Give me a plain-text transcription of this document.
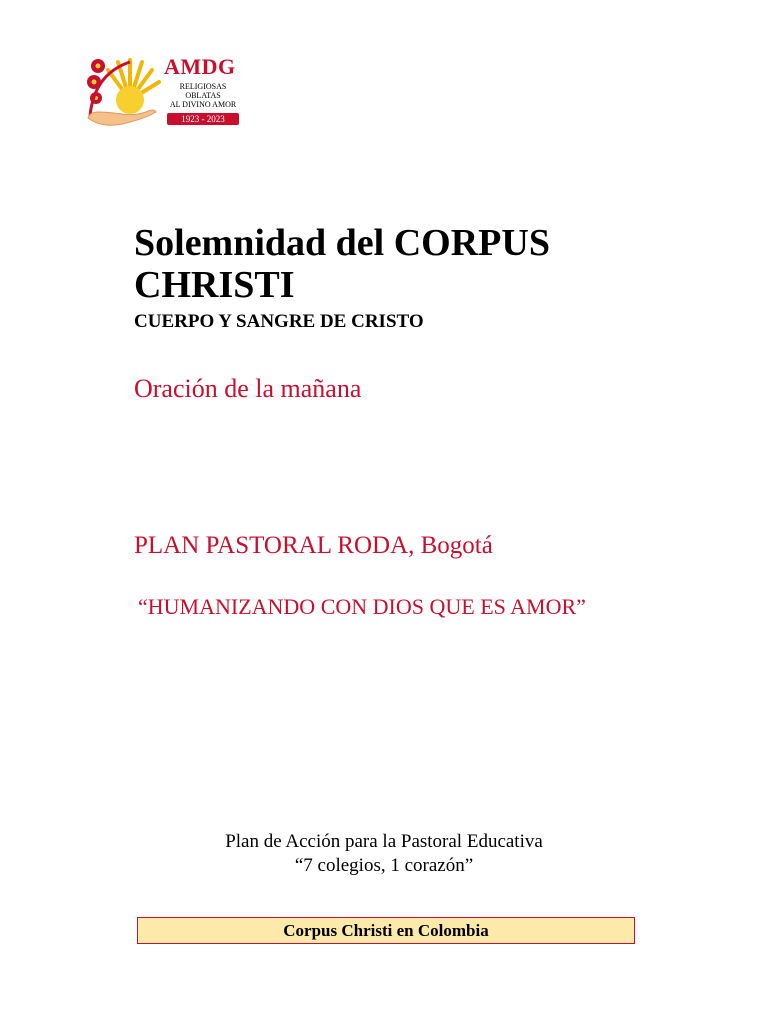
AMDG
RELIGIOSAS OBLATAS
AL DIVINO AMOR
1923 - 2023
Solemnidad del CORPUS CHRISTI
CUERPO Y SANGRE DE CRISTO

Oración de la mañana

PLAN PASTORAL RODA, Bogotá

“HUMANIZANDO CON DIOS QUE ES AMOR”

Plan de Acción para la Pastoral Educativa
“7 colegios, 1 corazón”
Corpus Christi en Colombia
